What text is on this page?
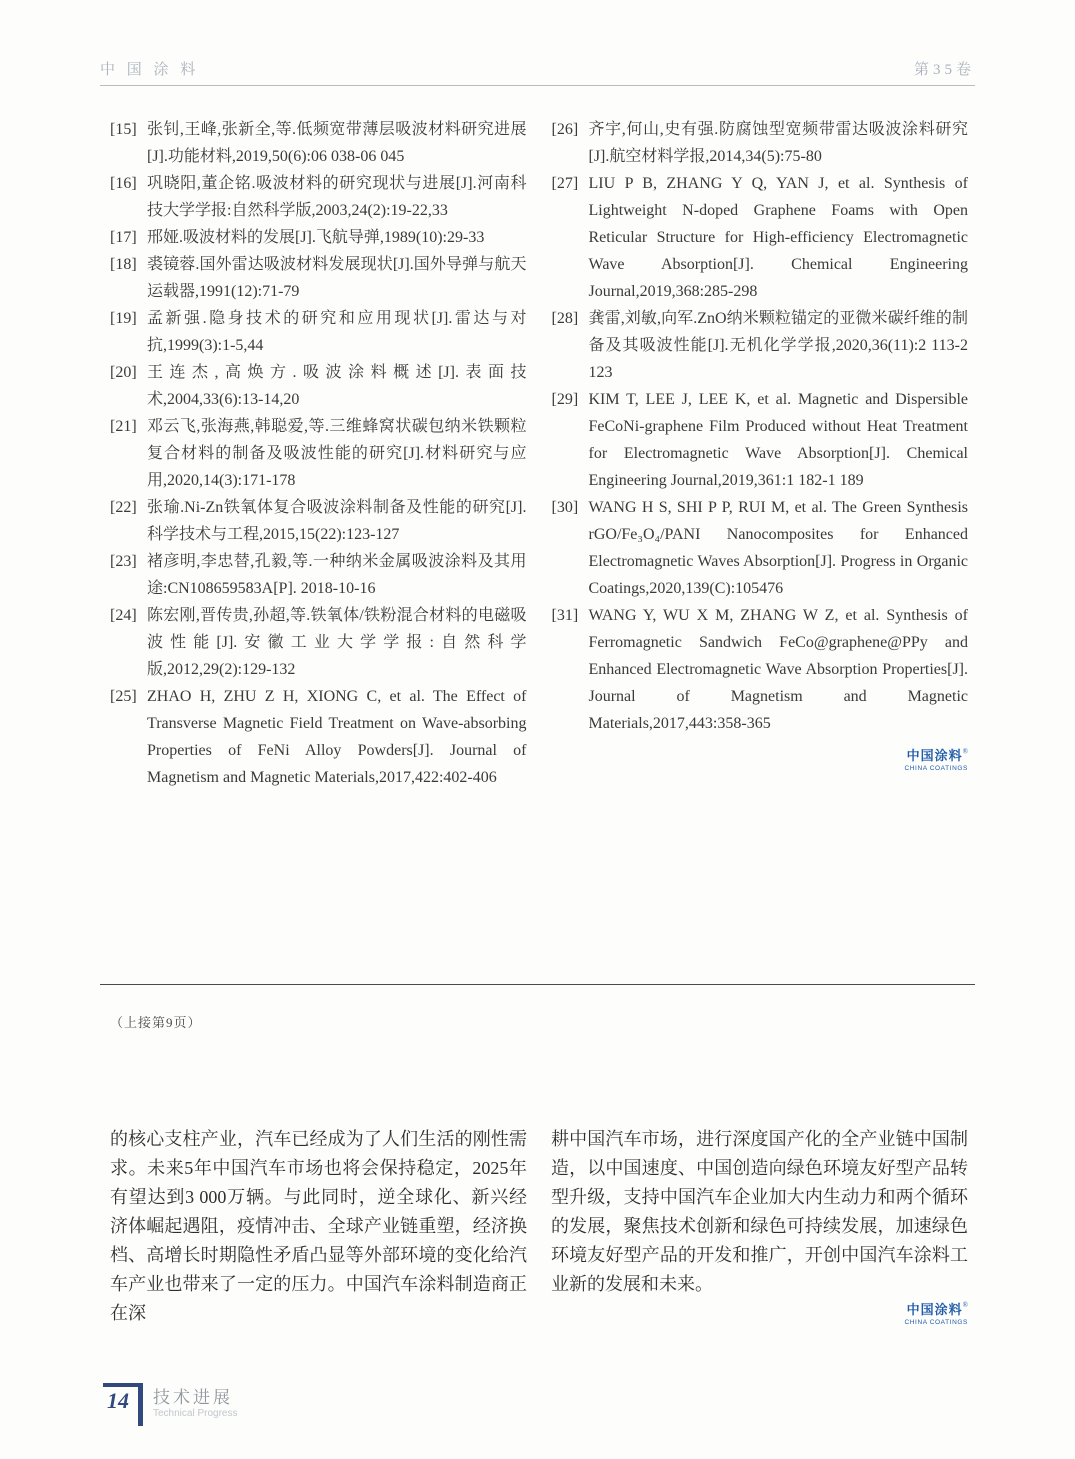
中 国 涂 料	第35卷
[15] 张钊,王峰,张新全,等.低频宽带薄层吸波材料研究进展[J].功能材料,2019,50(6):06 038-06 045
[16] 巩晓阳,董企铭.吸波材料的研究现状与进展[J].河南科技大学学报:自然科学版,2003,24(2):19-22,33
[17] 邢娅.吸波材料的发展[J].飞航导弹,1989(10):29-33
[18] 裘镜蓉.国外雷达吸波材料发展现状[J].国外导弹与航天运载器,1991(12):71-79
[19] 孟新强.隐身技术的研究和应用现状[J].雷达与对抗,1999(3):1-5,44
[20] 王连杰,高焕方.吸波涂料概述[J].表面技术,2004,33(6):13-14,20
[21] 邓云飞,张海燕,韩聪爱,等.三维蜂窝状碳包纳米铁颗粒复合材料的制备及吸波性能的研究[J].材料研究与应用,2020,14(3):171-178
[22] 张瑜.Ni-Zn铁氧体复合吸波涂料制备及性能的研究[J].科学技术与工程,2015,15(22):123-127
[23] 褚彦明,李忠替,孔毅,等.一种纳米金属吸波涂料及其用途:CN108659583A[P]. 2018-10-16
[24] 陈宏刚,晋传贵,孙超,等.铁氧体/铁粉混合材料的电磁吸波性能[J].安徽工业大学学报:自然科学版,2012,29(2):129-132
[25] ZHAO H, ZHU Z H, XIONG C, et al. The Effect of Transverse Magnetic Field Treatment on Wave-absorbing Properties of FeNi Alloy Powders[J]. Journal of Magnetism and Magnetic Materials,2017,422:402-406
[26] 齐宇,何山,史有强.防腐蚀型宽频带雷达吸波涂料研究[J].航空材料学报,2014,34(5):75-80
[27] LIU P B, ZHANG Y Q, YAN J, et al. Synthesis of Lightweight N-doped Graphene Foams with Open Reticular Structure for High-efficiency Electromagnetic Wave Absorption[J]. Chemical Engineering Journal,2019,368:285-298
[28] 龚雷,刘敏,向军.ZnO纳米颗粒锚定的亚微米碳纤维的制备及其吸波性能[J].无机化学学报,2020,36(11):2 113-2 123
[29] KIM T, LEE J, LEE K, et al. Magnetic and Dispersible FeCoNi-graphene Film Produced without Heat Treatment for Electromagnetic Wave Absorption[J]. Chemical Engineering Journal,2019,361:1 182-1 189
[30] WANG H S, SHI P P, RUI M, et al. The Green Synthesis rGO/Fe₃O₄/PANI Nanocomposites for Enhanced Electromagnetic Waves Absorption[J]. Progress in Organic Coatings,2020,139(C):105476
[31] WANG Y, WU X M, ZHANG W Z, et al. Synthesis of Ferromagnetic Sandwich FeCo@graphene@PPy and Enhanced Electromagnetic Wave Absorption Properties[J]. Journal of Magnetism and Magnetic Materials,2017,443:358-365
中国涂料®
CHINA COATINGS
（上接第9页）
的核心支柱产业，汽车已经成为了人们生活的刚性需求。未来5年中国汽车市场也将会保持稳定，2025年有望达到3 000万辆。与此同时，逆全球化、新兴经济体崛起遇阻，疫情冲击、全球产业链重塑，经济换档、高增长时期隐性矛盾凸显等外部环境的变化给汽车产业也带来了一定的压力。中国汽车涂料制造商正在深
耕中国汽车市场，进行深度国产化的全产业链中国制造，以中国速度、中国创造向绿色环境友好型产品转型升级，支持中国汽车企业加大内生动力和两个循环的发展，聚焦技术创新和绿色可持续发展，加速绿色环境友好型产品的开发和推广，开创中国汽车涂料工业新的发展和未来。
中国涂料®
CHINA COATINGS
14	技术进展
Technical Progress
